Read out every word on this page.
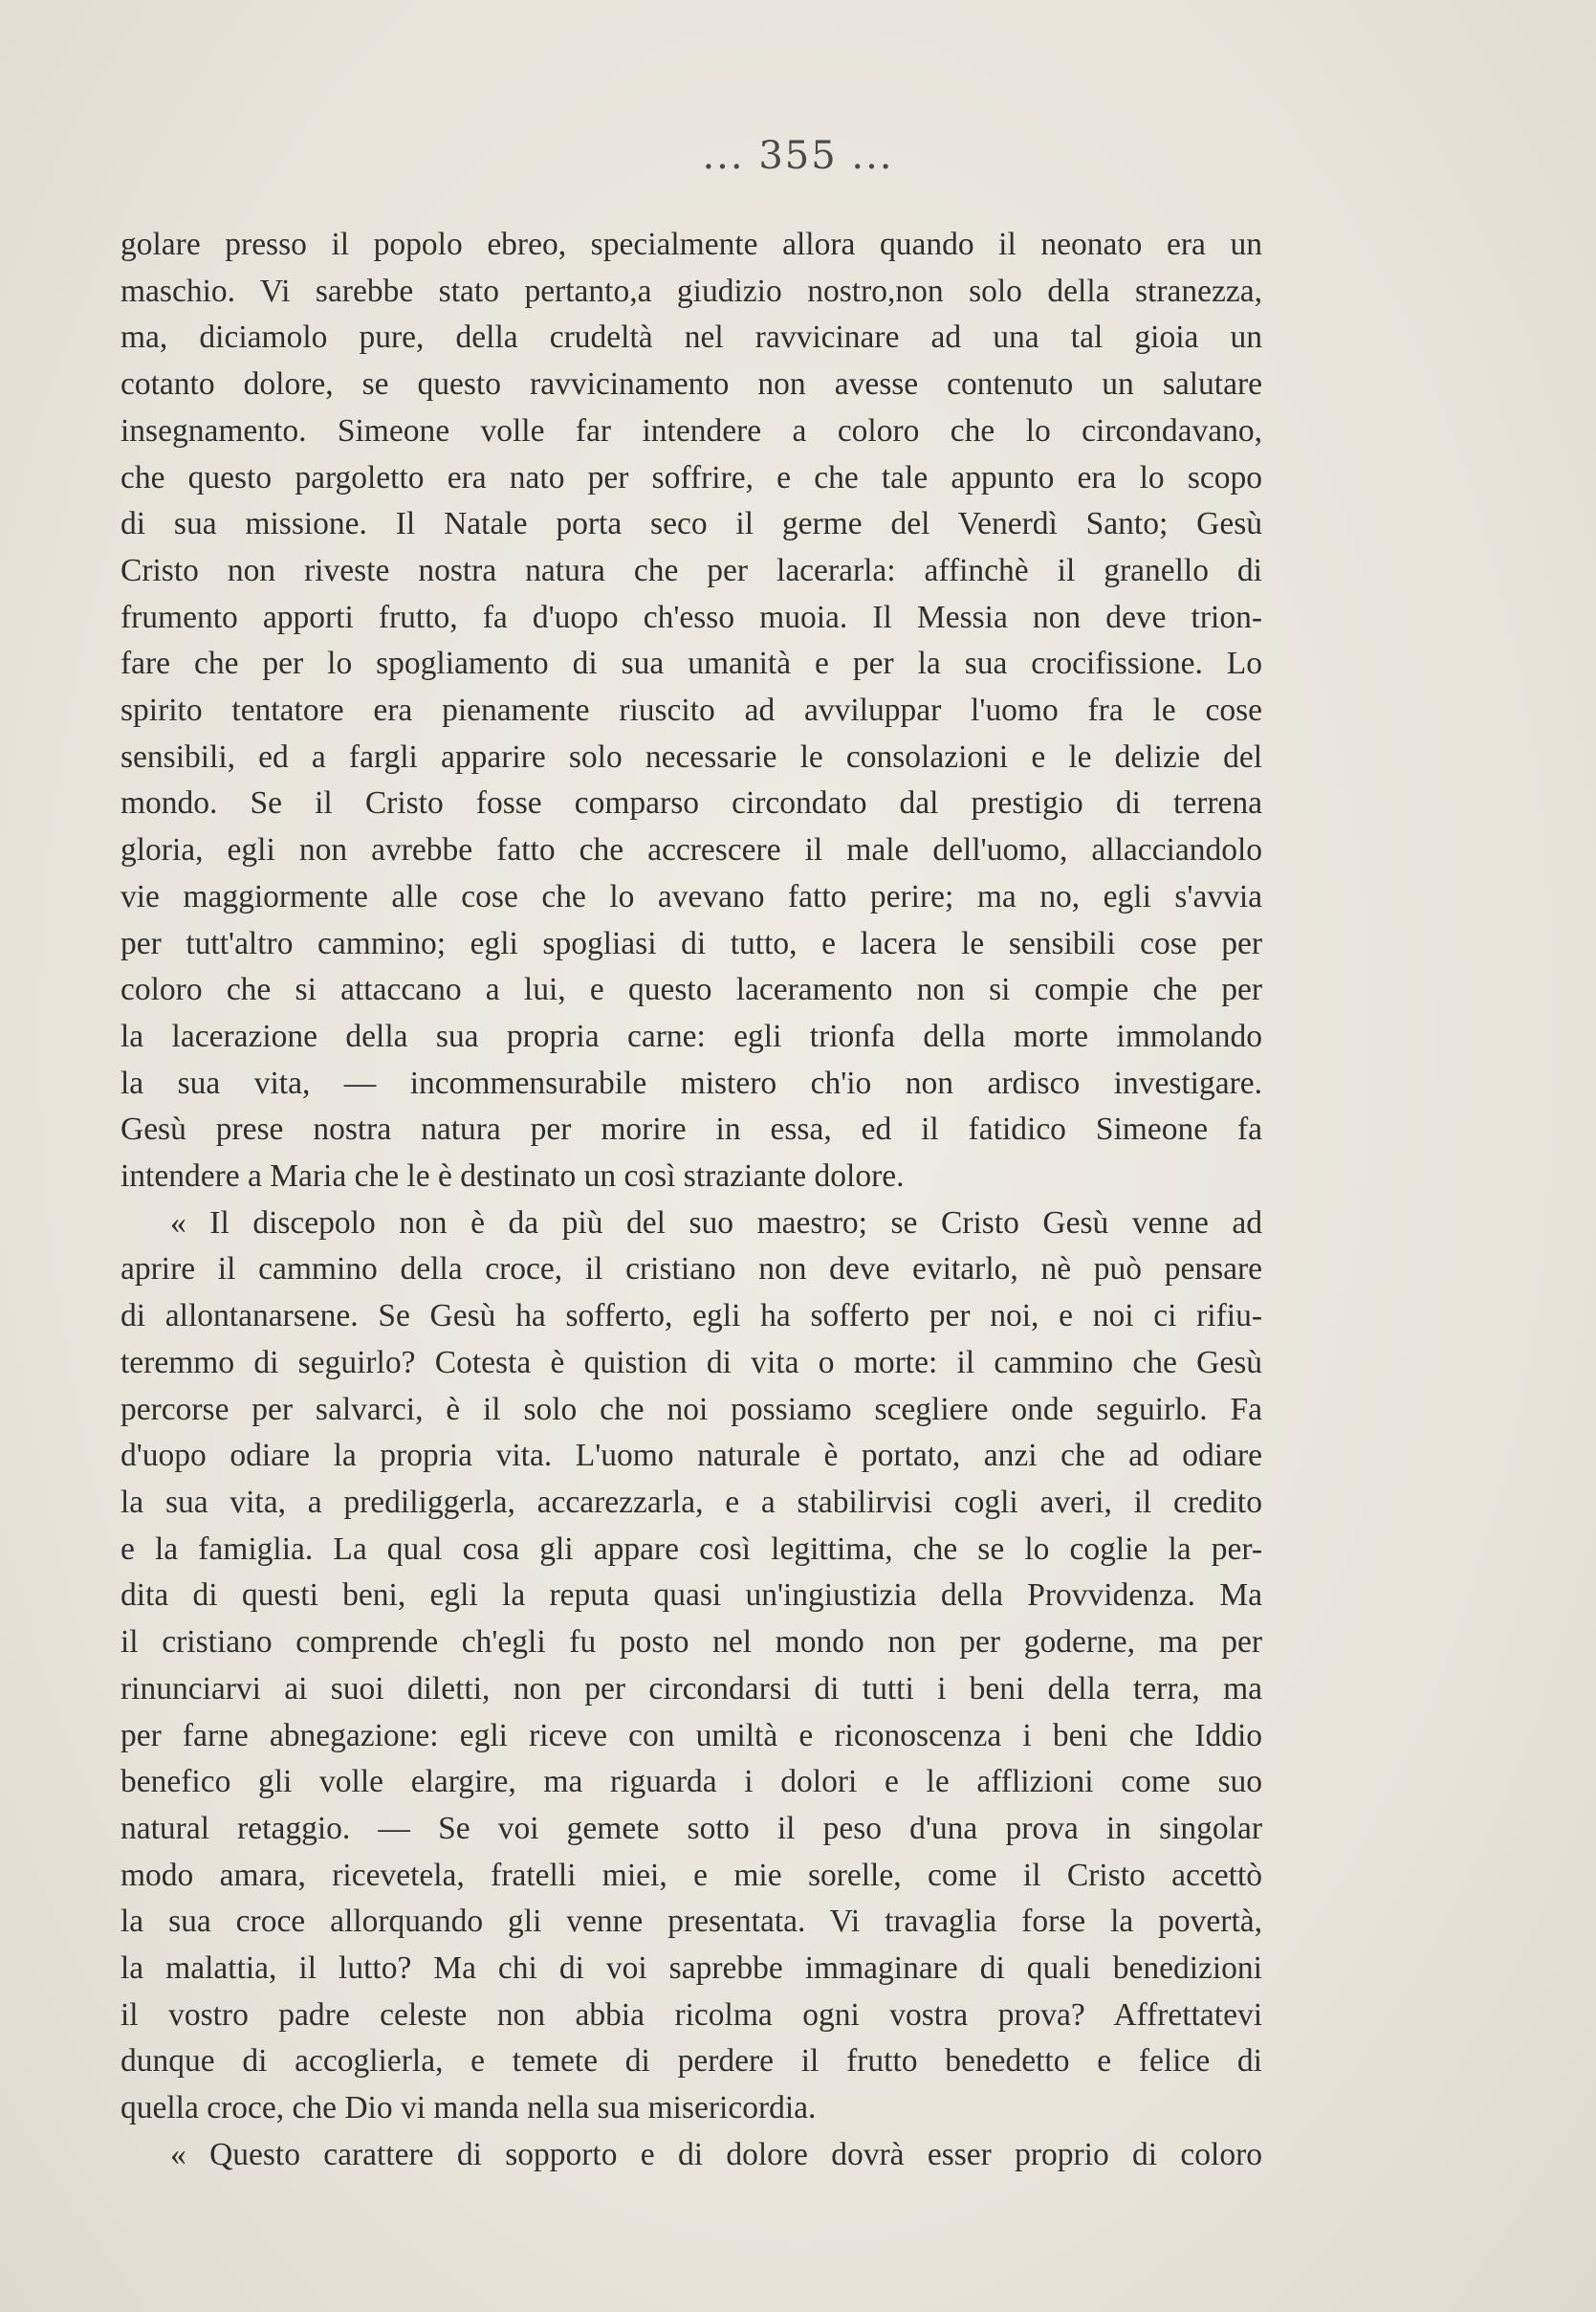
... 355 ...

golare presso il popolo ebreo, specialmente allora quando il neonato era un

maschio. Vi sarebbe stato pertanto,a giudizio nostro,non solo della stranezza,

ma, diciamolo pure, della crudeltà nel ravvicinare ad una tal gioia un

cotanto dolore, se questo ravvicinamento non avesse contenuto un salutare

insegnamento. Simeone volle far intendere a coloro che lo circondavano,

che questo pargoletto era nato per soffrire, e che tale appunto era lo scopo

di sua missione. Il Natale porta seco il germe del Venerdì Santo; Gesù

Cristo non riveste nostra natura che per lacerarla: affinchè il granello di

frumento apporti frutto, fa d'uopo ch'esso muoia. Il Messia non deve trion-

fare che per lo spogliamento di sua umanità e per la sua crocifissione. Lo

spirito tentatore era pienamente riuscito ad avviluppar l'uomo fra le cose

sensibili, ed a fargli apparire solo necessarie le consolazioni e le delizie del

mondo. Se il Cristo fosse comparso circondato dal prestigio di terrena

gloria, egli non avrebbe fatto che accrescere il male dell'uomo, allacciandolo

vie maggiormente alle cose che lo avevano fatto perire; ma no, egli s'avvia

per tutt'altro cammino; egli spogliasi di tutto, e lacera le sensibili cose per

coloro che si attaccano a lui, e questo laceramento non si compie che per

la lacerazione della sua propria carne: egli trionfa della morte immolando

la sua vita, — incommensurabile mistero ch'io non ardisco investigare.

Gesù prese nostra natura per morire in essa, ed il fatidico Simeone fa

intendere a Maria che le è destinato un così straziante dolore.

« Il discepolo non è da più del suo maestro; se Cristo Gesù venne ad

aprire il cammino della croce, il cristiano non deve evitarlo, nè può pensare

di allontanarsene. Se Gesù ha sofferto, egli ha sofferto per noi, e noi ci rifiu-

teremmo di seguirlo? Cotesta è quistion di vita o morte: il cammino che Gesù

percorse per salvarci, è il solo che noi possiamo scegliere onde seguirlo. Fa

d'uopo odiare la propria vita. L'uomo naturale è portato, anzi che ad odiare

la sua vita, a prediliggerla, accarezzarla, e a stabilirvisi cogli averi, il credito

e la famiglia. La qual cosa gli appare così legittima, che se lo coglie la per-

dita di questi beni, egli la reputa quasi un'ingiustizia della Provvidenza. Ma

il cristiano comprende ch'egli fu posto nel mondo non per goderne, ma per

rinunciarvi ai suoi diletti, non per circondarsi di tutti i beni della terra, ma

per farne abnegazione: egli riceve con umiltà e riconoscenza i beni che Iddio

benefico gli volle elargire, ma riguarda i dolori e le afflizioni come suo

natural retaggio. — Se voi gemete sotto il peso d'una prova in singolar

modo amara, ricevetela, fratelli miei, e mie sorelle, come il Cristo accettò

la sua croce allorquando gli venne presentata. Vi travaglia forse la povertà,

la malattia, il lutto? Ma chi di voi saprebbe immaginare di quali benedizioni

il vostro padre celeste non abbia ricolma ogni vostra prova? Affrettatevi

dunque di accoglierla, e temete di perdere il frutto benedetto e felice di

quella croce, che Dio vi manda nella sua misericordia.

« Questo carattere di sopporto e di dolore dovrà esser proprio di coloro
